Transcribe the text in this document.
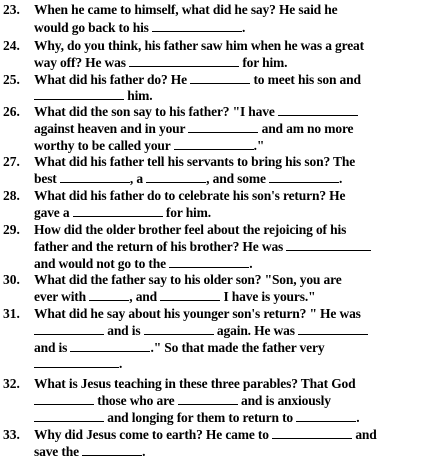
23. When he came to himself, what did he say? He said he
would go back to his	.
24. Why, do you think, his father saw him when he was a great
way off? He was	for him.
25. What did his father do? He	to meet his son and
him.
26. What did the son say to his father? "I have
against heaven and in your	and am no more
worthy to be called your	."
27. What did his father tell his servants to bring his son? The
best	, a	, and some	.
28. What did his father do to celebrate his son's return? He
gave a	for him.
29. How did the older brother feel about the rejoicing of his
father and the return of his brother? He was
and would not go to the	.
30. What did the father say to his older son? "Son, you are
ever with	, and	I have is yours."
31. What did he say about his younger son's return? " He was
and is	again. He was
and is	." So that made the father very
.
32. What is Jesus teaching in these three parables? That God
those who are	and is anxiously
and longing for them to return to	.
33. Why did Jesus come to earth? He came to	and
save the	.
